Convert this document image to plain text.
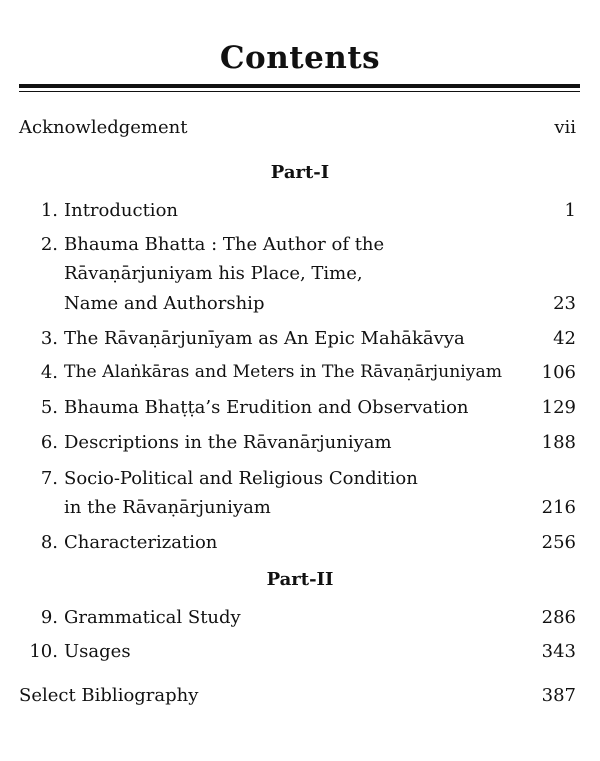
Contents
Acknowledgement	vii
Part-I
1. Introduction	1
2. Bhauma Bhatta : The Author of the
Rāvaṇārjuniyam his Place, Time,
Name and Authorship	23
3. The Rāvaṇārjunīyam as An Epic Mahākāvya	42
4. The Alaṅkāras and Meters in The Rāvaṇārjuniyam 106
5. Bhauma Bhaṭṭa’s Erudition and Observation	129
6. Descriptions in the Rāvanārjuniyam	188
7. Socio-Political and Religious Condition
in the Rāvaṇārjuniyam	216
8. Characterization	256
Part-II
9. Grammatical Study	286
10. Usages	343
Select Bibliography	387
